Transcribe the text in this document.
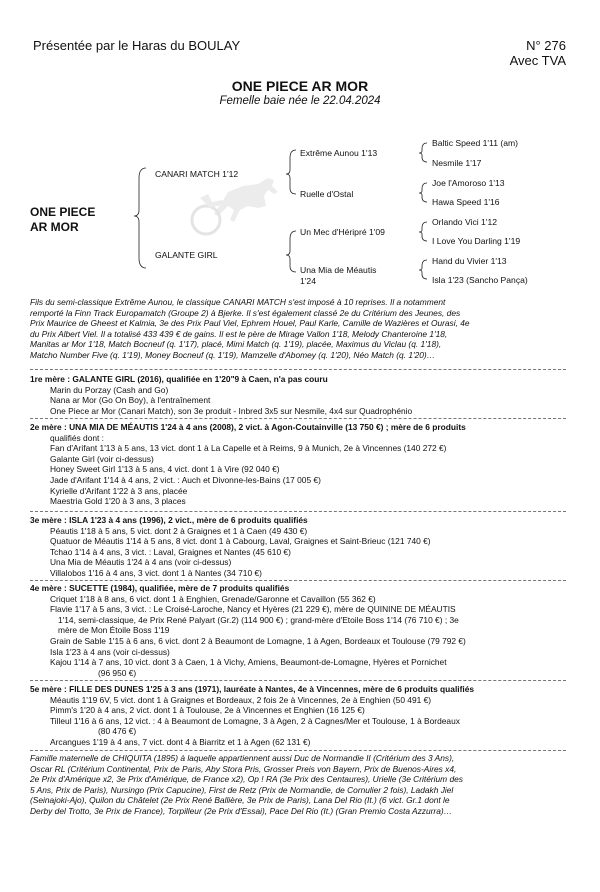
Présentée par le Haras du BOULAY	N° 276
Avec TVA
ONE PIECE AR MOR
Femelle baie née le 22.04.2024
ONE PIECE
AR MOR
CANARI MATCH 1'12
GALANTE GIRL
Extrême Aunou 1'13
Ruelle d'Ostal
Un Mec d'Héripré 1'09
Una Mia de Méautis
1'24
Baltic Speed 1'11 (am)
Nesmile 1'17
Joe l'Amoroso 1'13
Hawa Speed 1'16
Orlando Vici 1'12
I Love You Darling 1'19
Hand du Vivier 1'13
Isla 1'23 (Sancho Pança)

Fils du semi-classique Extrême Aunou, le classique CANARI MATCH s'est imposé à 10 reprises. Il a notamment

remporté la Finn Track Europamatch (Groupe 2) à Bjerke. Il s'est également classé 2e du Critérium des Jeunes, des

Prix Maurice de Gheest et Kalmia, 3e des Prix Paul Viel, Ephrem Houel, Paul Karle, Camille de Wazières et Ourasi, 4e

du Prix Albert Viel. Il a totalisé 433 439 € de gains. Il est le père de Mirage Vallon 1'18, Melody Chanteroine 1'18,

Manitas ar Mor 1'18, Match Bocneuf (q. 1'17), placé, Mimi Match (q. 1'19), placée, Maximus du Viclau (q. 1'18),

Matcho Number Five (q. 1'19), Money Bocneuf (q. 1'19), Mamzelle d'Abomey (q. 1'20), Néo Match (q. 1'20)…

1re mère : GALANTE GIRL (2016), qualifiée en 1'20"9 à Caen, n'a pas couru

Marin du Porzay (Cash and Go)

Nana ar Mor (Go On Boy), à l'entraînement

One Piece ar Mor (Canari Match), son 3e produit - Inbred 3x5 sur Nesmile, 4x4 sur Quadrophénio

2e mère : UNA MIA DE MÉAUTIS 1'24 à 4 ans (2008), 2 vict. à Agon-Coutainville (13 750 €) ; mère de 6 produits

qualifiés dont :

Fan d'Arifant 1'13 à 5 ans, 13 vict. dont 1 à La Capelle et à Reims, 9 à Munich, 2e à Vincennes (140 272 €)

Galante Girl (voir ci-dessus)

Honey Sweet Girl 1'13 à 5 ans, 4 vict. dont 1 à Vire (92 040 €)

Jade d'Arifant 1'14 à 4 ans, 2 vict. : Auch et Divonne-les-Bains (17 005 €)

Kyrielle d'Arifant 1'22 à 3 ans, placée

Maestria Gold 1'20 à 3 ans, 3 places

3e mère : ISLA 1'23 à 4 ans (1996), 2 vict., mère de 6 produits qualifiés

Péautis 1'18 à 5 ans, 5 vict. dont 2 à Graignes et 1 à Caen (49 430 €)

Quatuor de Méautis 1'14 à 5 ans, 8 vict. dont 1 à Cabourg, Laval, Graignes et Saint-Brieuc (121 740 €)

Tchao 1'14 à 4 ans, 3 vict. : Laval, Graignes et Nantes (45 610 €)

Una Mia de Méautis 1'24 à 4 ans (voir ci-dessus)

Villalobos 1'16 à 4 ans, 3 vict. dont 1 à Nantes (34 710 €)

4e mère : SUCETTE (1984), qualifiée, mère de 7 produits qualifiés

Criquet 1'18 à 8 ans, 6 vict. dont 1 à Enghien, Grenade/Garonne et Cavaillon (55 362 €)

Flavie 1'17 à 5 ans, 3 vict. : Le Croisé-Laroche, Nancy et Hyères (21 229 €), mère de QUININE DE MÉAUTIS

1'14, semi-classique, 4e Prix René Palyart (Gr.2) (114 900 €) ; grand-mère d'Etoile Boss 1'14 (76 710 €) ; 3e

mère de Mon Étoile Boss 1'19

Grain de Sable 1'15 à 6 ans, 6 vict. dont 2 à Beaumont de Lomagne, 1 à Agen, Bordeaux et Toulouse (79 792 €)

Isla 1'23 à 4 ans (voir ci-dessus)

Kajou 1'14 à 7 ans, 10 vict. dont 3 à Caen, 1 à Vichy, Amiens, Beaumont-de-Lomagne, Hyères et Pornichet

(96 950 €)

5e mère : FILLE DES DUNES 1'25 à 3 ans (1971), lauréate à Nantes, 4e à Vincennes, mère de 6 produits qualifiés

Méautis 1'19 6V, 5 vict. dont 1 à Graignes et Bordeaux, 2 fois 2e à Vincennes, 2e à Enghien (50 491 €)

Pimm's 1'20 à 4 ans, 2 vict. dont 1 à Toulouse, 2e à Vincennes et Enghien (16 125 €)

Tilleul 1'16 à 6 ans, 12 vict. : 4 à Beaumont de Lomagne, 3 à Agen, 2 à Cagnes/Mer et Toulouse, 1 à Bordeaux

(80 476 €)

Arcangues 1'19 à 4 ans, 7 vict. dont 4 à Biarritz et 1 à Agen (62 131 €)

Famille maternelle de CHIQUITA (1895) à laquelle appartiennent aussi Duc de Normandie II (Critérium des 3 Ans),

Oscar RL (Critérium Continental, Prix de Paris, Aby Stora Pris, Grosser Preis von Bayern, Prix de Buenos-Aires x4,

2e Prix d'Amérique x2, 3e Prix d'Amérique, de France x2), Op ! RA (3e Prix des Centaures), Urielle (3e Critérium des

5 Ans, Prix de Paris), Nursingo (Prix Capucine), First de Retz (Prix de Normandie, de Cornulier 2 fois), Ladakh Jiel

(Seinajoki-Ajo), Quilon du Châtelet (2e Prix René Ballière, 3e Prix de Paris), Lana Del Rio (It.) (6 vict. Gr.1 dont le

Derby del Trotto, 3e Prix de France), Torpilleur (2e Prix d'Essai), Pace Del Rio (It.) (Gran Premio Costa Azzurra)…
